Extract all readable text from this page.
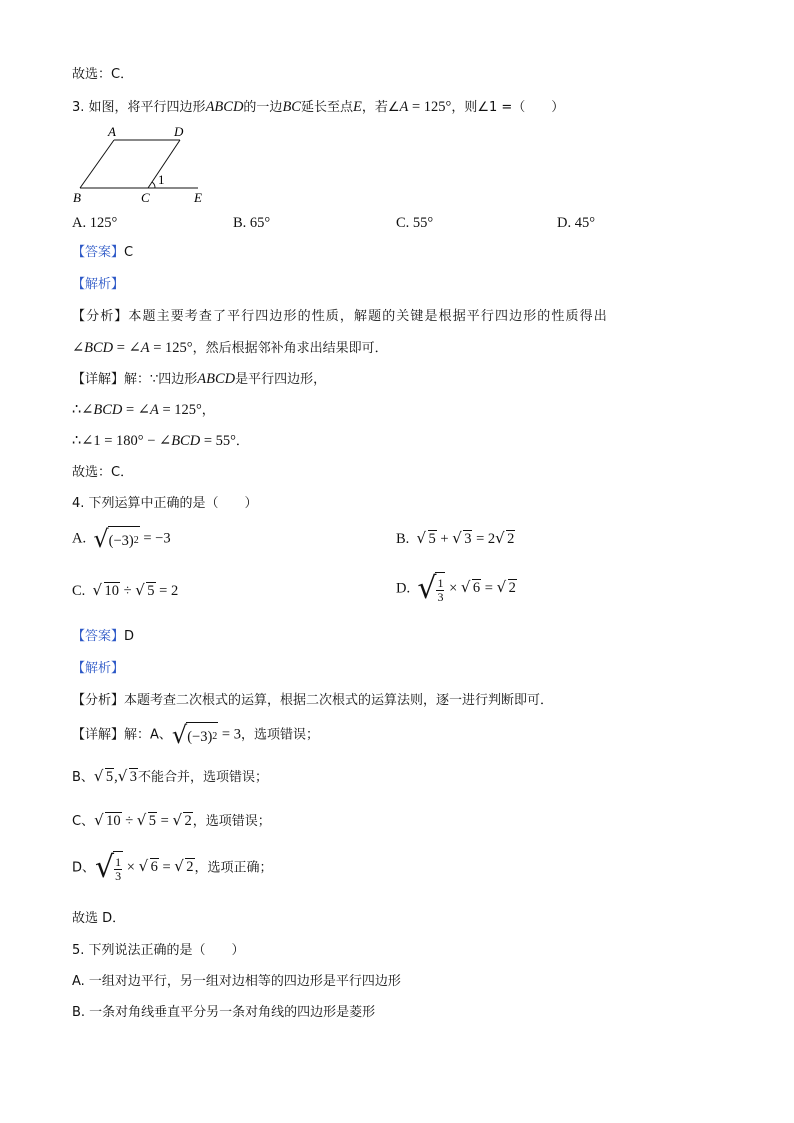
故选：C．
3. 如图，将平行四边形ABCD的一边BC延长至点E，若∠A = 125°，则∠1 =（　　）
A	D
B	C	E
1
A. 125°	B. 65°	C. 55°	D. 45°
【答案】C
【解析】
【分析】本题主要考查了平行四边形的性质，解题的关键是根据平行四边形的性质得出
∠BCD = ∠A = 125°，然后根据邻补角求出结果即可．
【详解】解：∵四边形ABCD是平行四边形，
∴∠BCD = ∠A = 125°，
∴∠1 = 180° − ∠BCD = 55°．
故选：C．
4. 下列运算中正确的是（　　）
A. √ (−3) 2 = −3	B. √ 5 + √ 3 = 2 √ 2
C. √ 10 ÷ √ 5 = 2	D. √ $\frac{1}{3}$ × √ 6 = √ 2
【答案】D
【解析】
【分析】本题考查二次根式的运算，根据二次根式的运算法则，逐一进行判断即可．
【详解】解：A、 √ (−3) 2 = 3，选项错误；
B、 √ 5, √ 3不能合并，选项错误；
C、 √ 10 ÷ √ 5 = √ 2，选项错误；
D、 √ $\frac{1}{3}$ × √ 6 = √ 2，选项正确；
故选 D．
5. 下列说法正确的是（　　）
A. 一组对边平行，另一组对边相等的四边形是平行四边形
B. 一条对角线垂直平分另一条对角线的四边形是菱形
